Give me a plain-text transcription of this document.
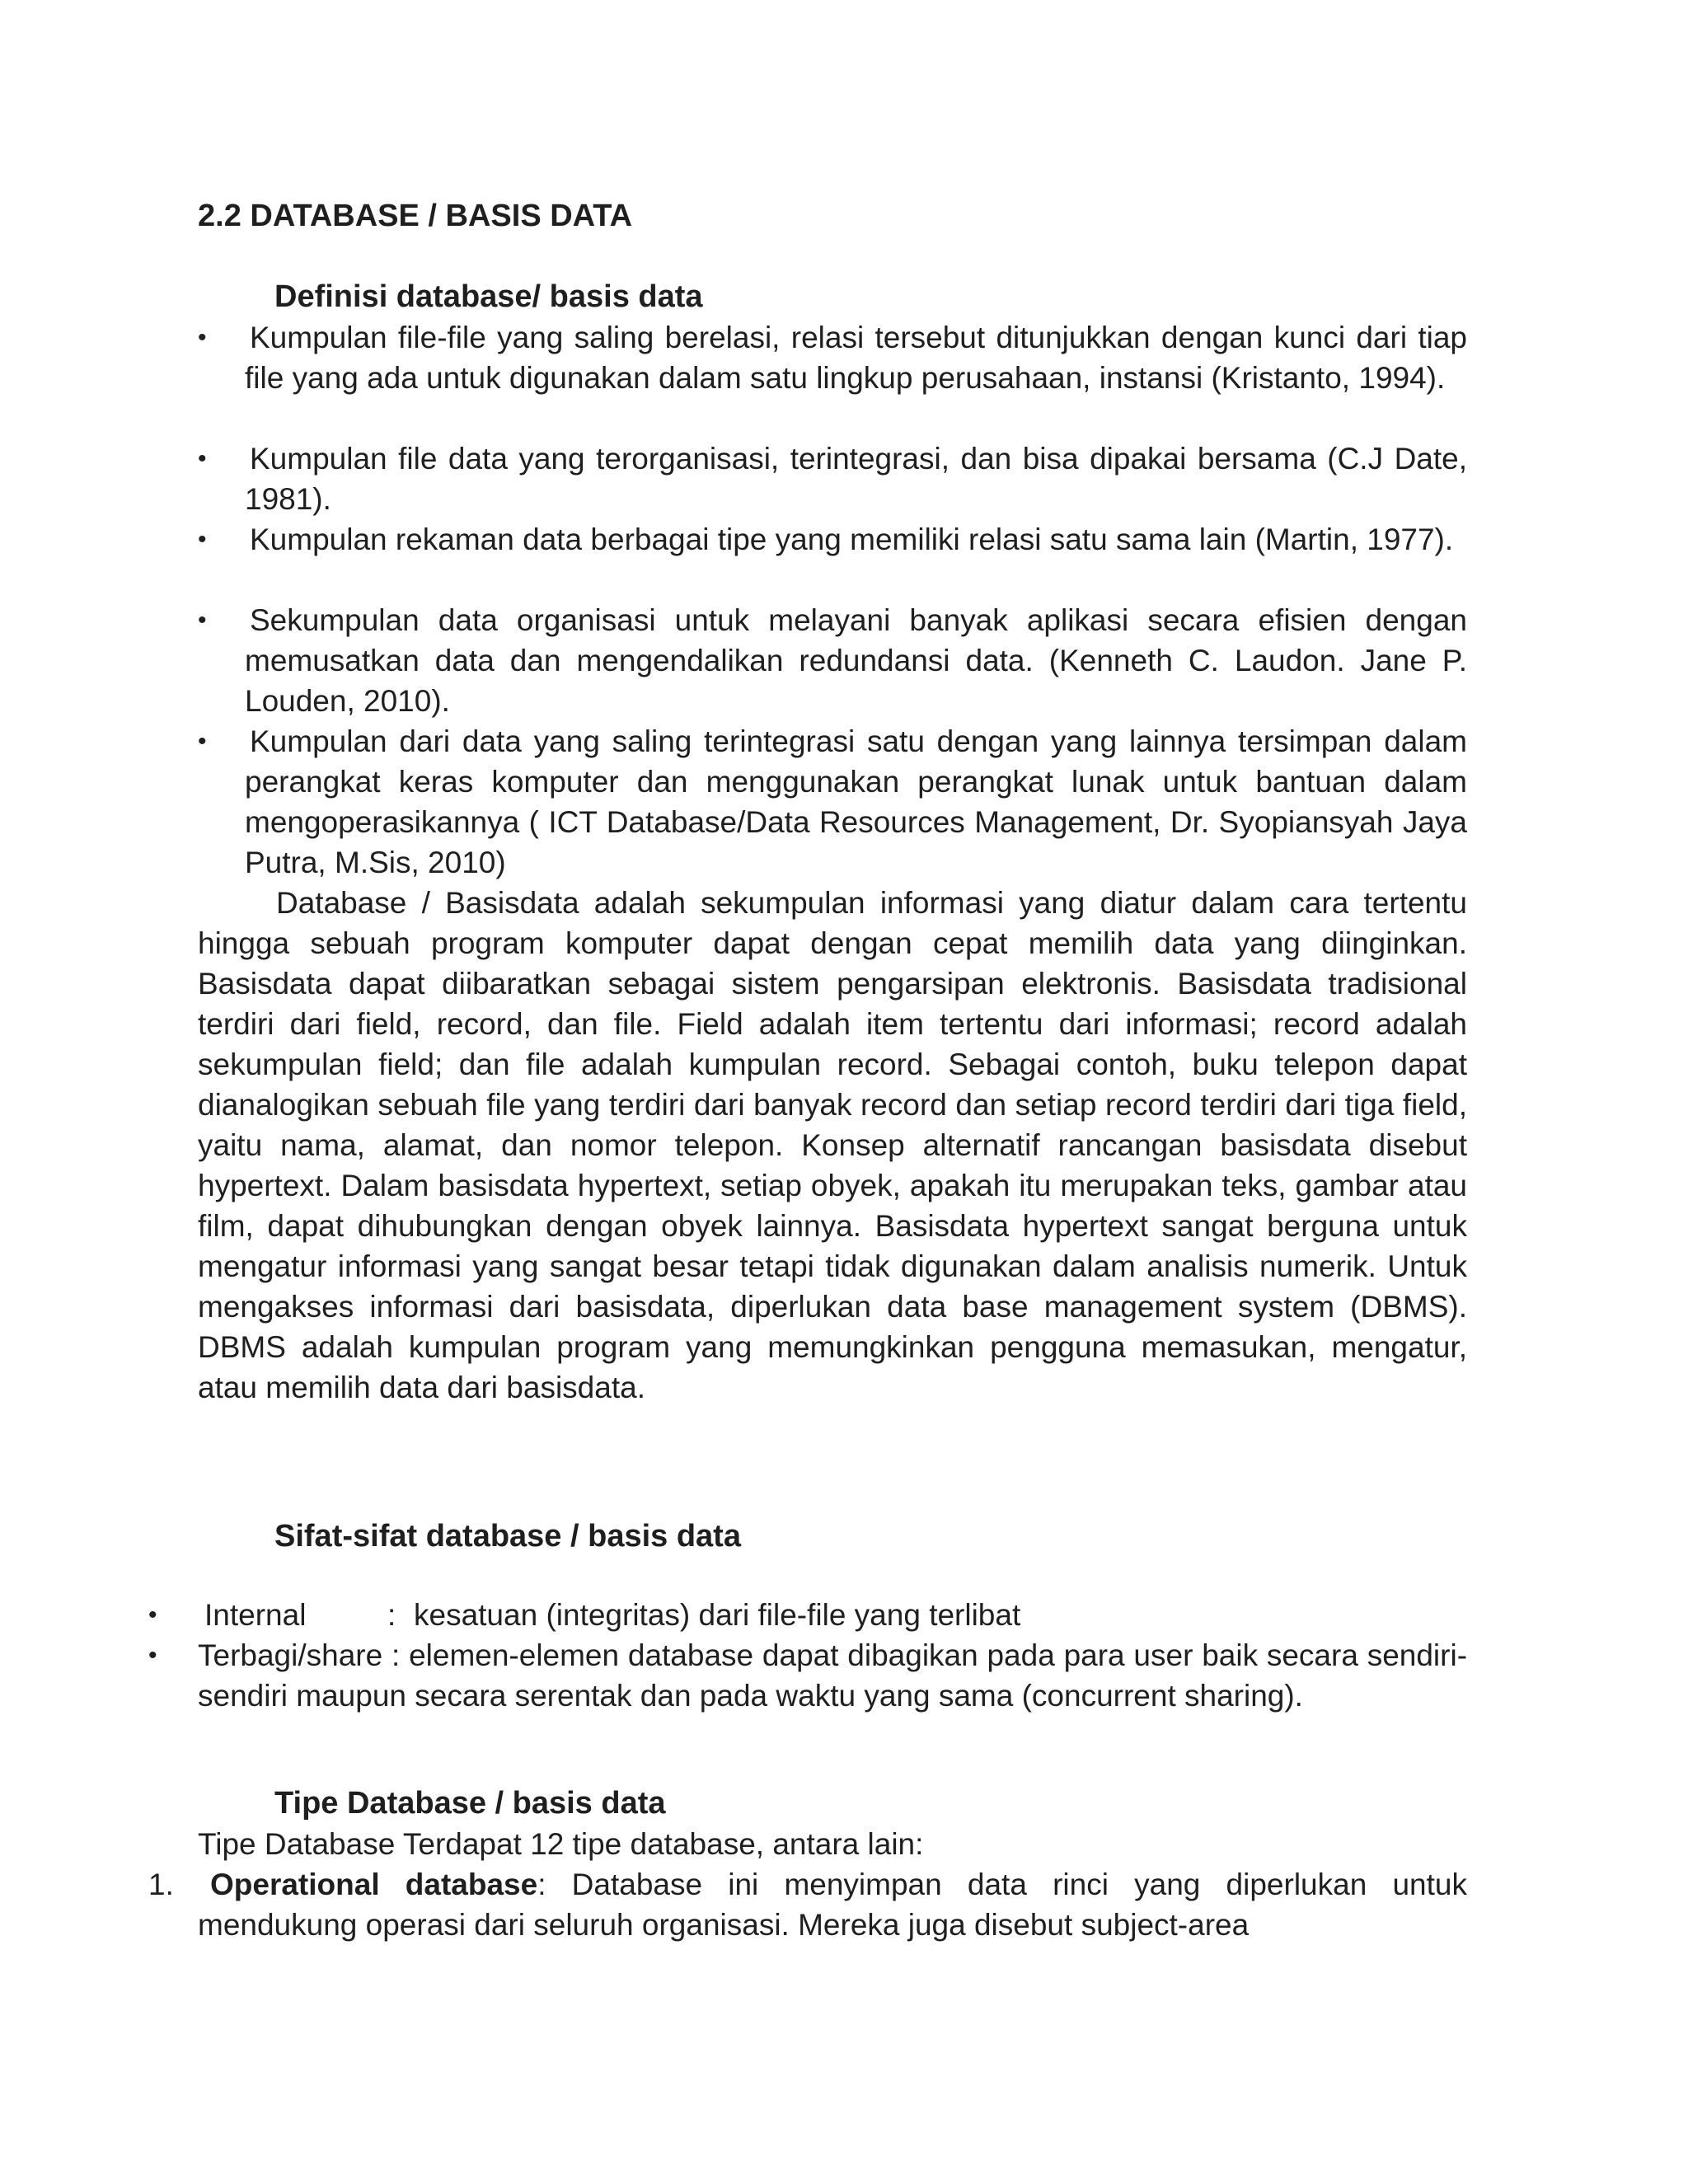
2.2 DATABASE / BASIS DATA
Definisi database/ basis data
• Kumpulan file-file yang saling berelasi, relasi tersebut ditunjukkan dengan kunci dari tiap file yang ada untuk digunakan dalam satu lingkup perusahaan, instansi (Kristanto, 1994).
• Kumpulan file data yang terorganisasi, terintegrasi, dan bisa dipakai bersama (C.J Date, 1981).
• Kumpulan rekaman data berbagai tipe yang memiliki relasi satu sama lain (Martin, 1977).
• Sekumpulan data organisasi untuk melayani banyak aplikasi secara efisien dengan memusatkan data dan mengendalikan redundansi data. (Kenneth C. Laudon. Jane P. Louden, 2010).
• Kumpulan dari data yang saling terintegrasi satu dengan yang lainnya tersimpan dalam perangkat keras komputer dan menggunakan perangkat lunak untuk bantuan dalam mengoperasikannya ( ICT Database/Data Resources Management, Dr. Syopiansyah Jaya Putra, M.Sis, 2010)
Database / Basisdata adalah sekumpulan informasi yang diatur dalam cara tertentu hingga sebuah program komputer dapat dengan cepat memilih data yang diinginkan. Basisdata dapat diibaratkan sebagai sistem pengarsipan elektronis. Basisdata tradisional terdiri dari field, record, dan file. Field adalah item tertentu dari informasi; record adalah sekumpulan field; dan file adalah kumpulan record. Sebagai contoh, buku telepon dapat dianalogikan sebuah file yang terdiri dari banyak record dan setiap record terdiri dari tiga field, yaitu nama, alamat, dan nomor telepon. Konsep alternatif rancangan basisdata disebut hypertext. Dalam basisdata hypertext, setiap obyek, apakah itu merupakan teks, gambar atau film, dapat dihubungkan dengan obyek lainnya. Basisdata hypertext sangat berguna untuk mengatur informasi yang sangat besar tetapi tidak digunakan dalam analisis numerik. Untuk mengakses informasi dari basisdata, diperlukan data base management system (DBMS). DBMS adalah kumpulan program yang memungkinkan pengguna memasukan, mengatur, atau memilih data dari basisdata.
Sifat-sifat database / basis data
• Internal	: kesatuan (integritas) dari file-file yang terlibat
• Terbagi/share : elemen-elemen database dapat dibagikan pada para user baik secara sendiri-sendiri maupun secara serentak dan pada waktu yang sama (concurrent sharing).
Tipe Database / basis data
Tipe Database Terdapat 12 tipe database, antara lain:
1.	Operational database: Database ini menyimpan data rinci yang diperlukan untuk mendukung operasi dari seluruh organisasi. Mereka juga disebut subject-area
